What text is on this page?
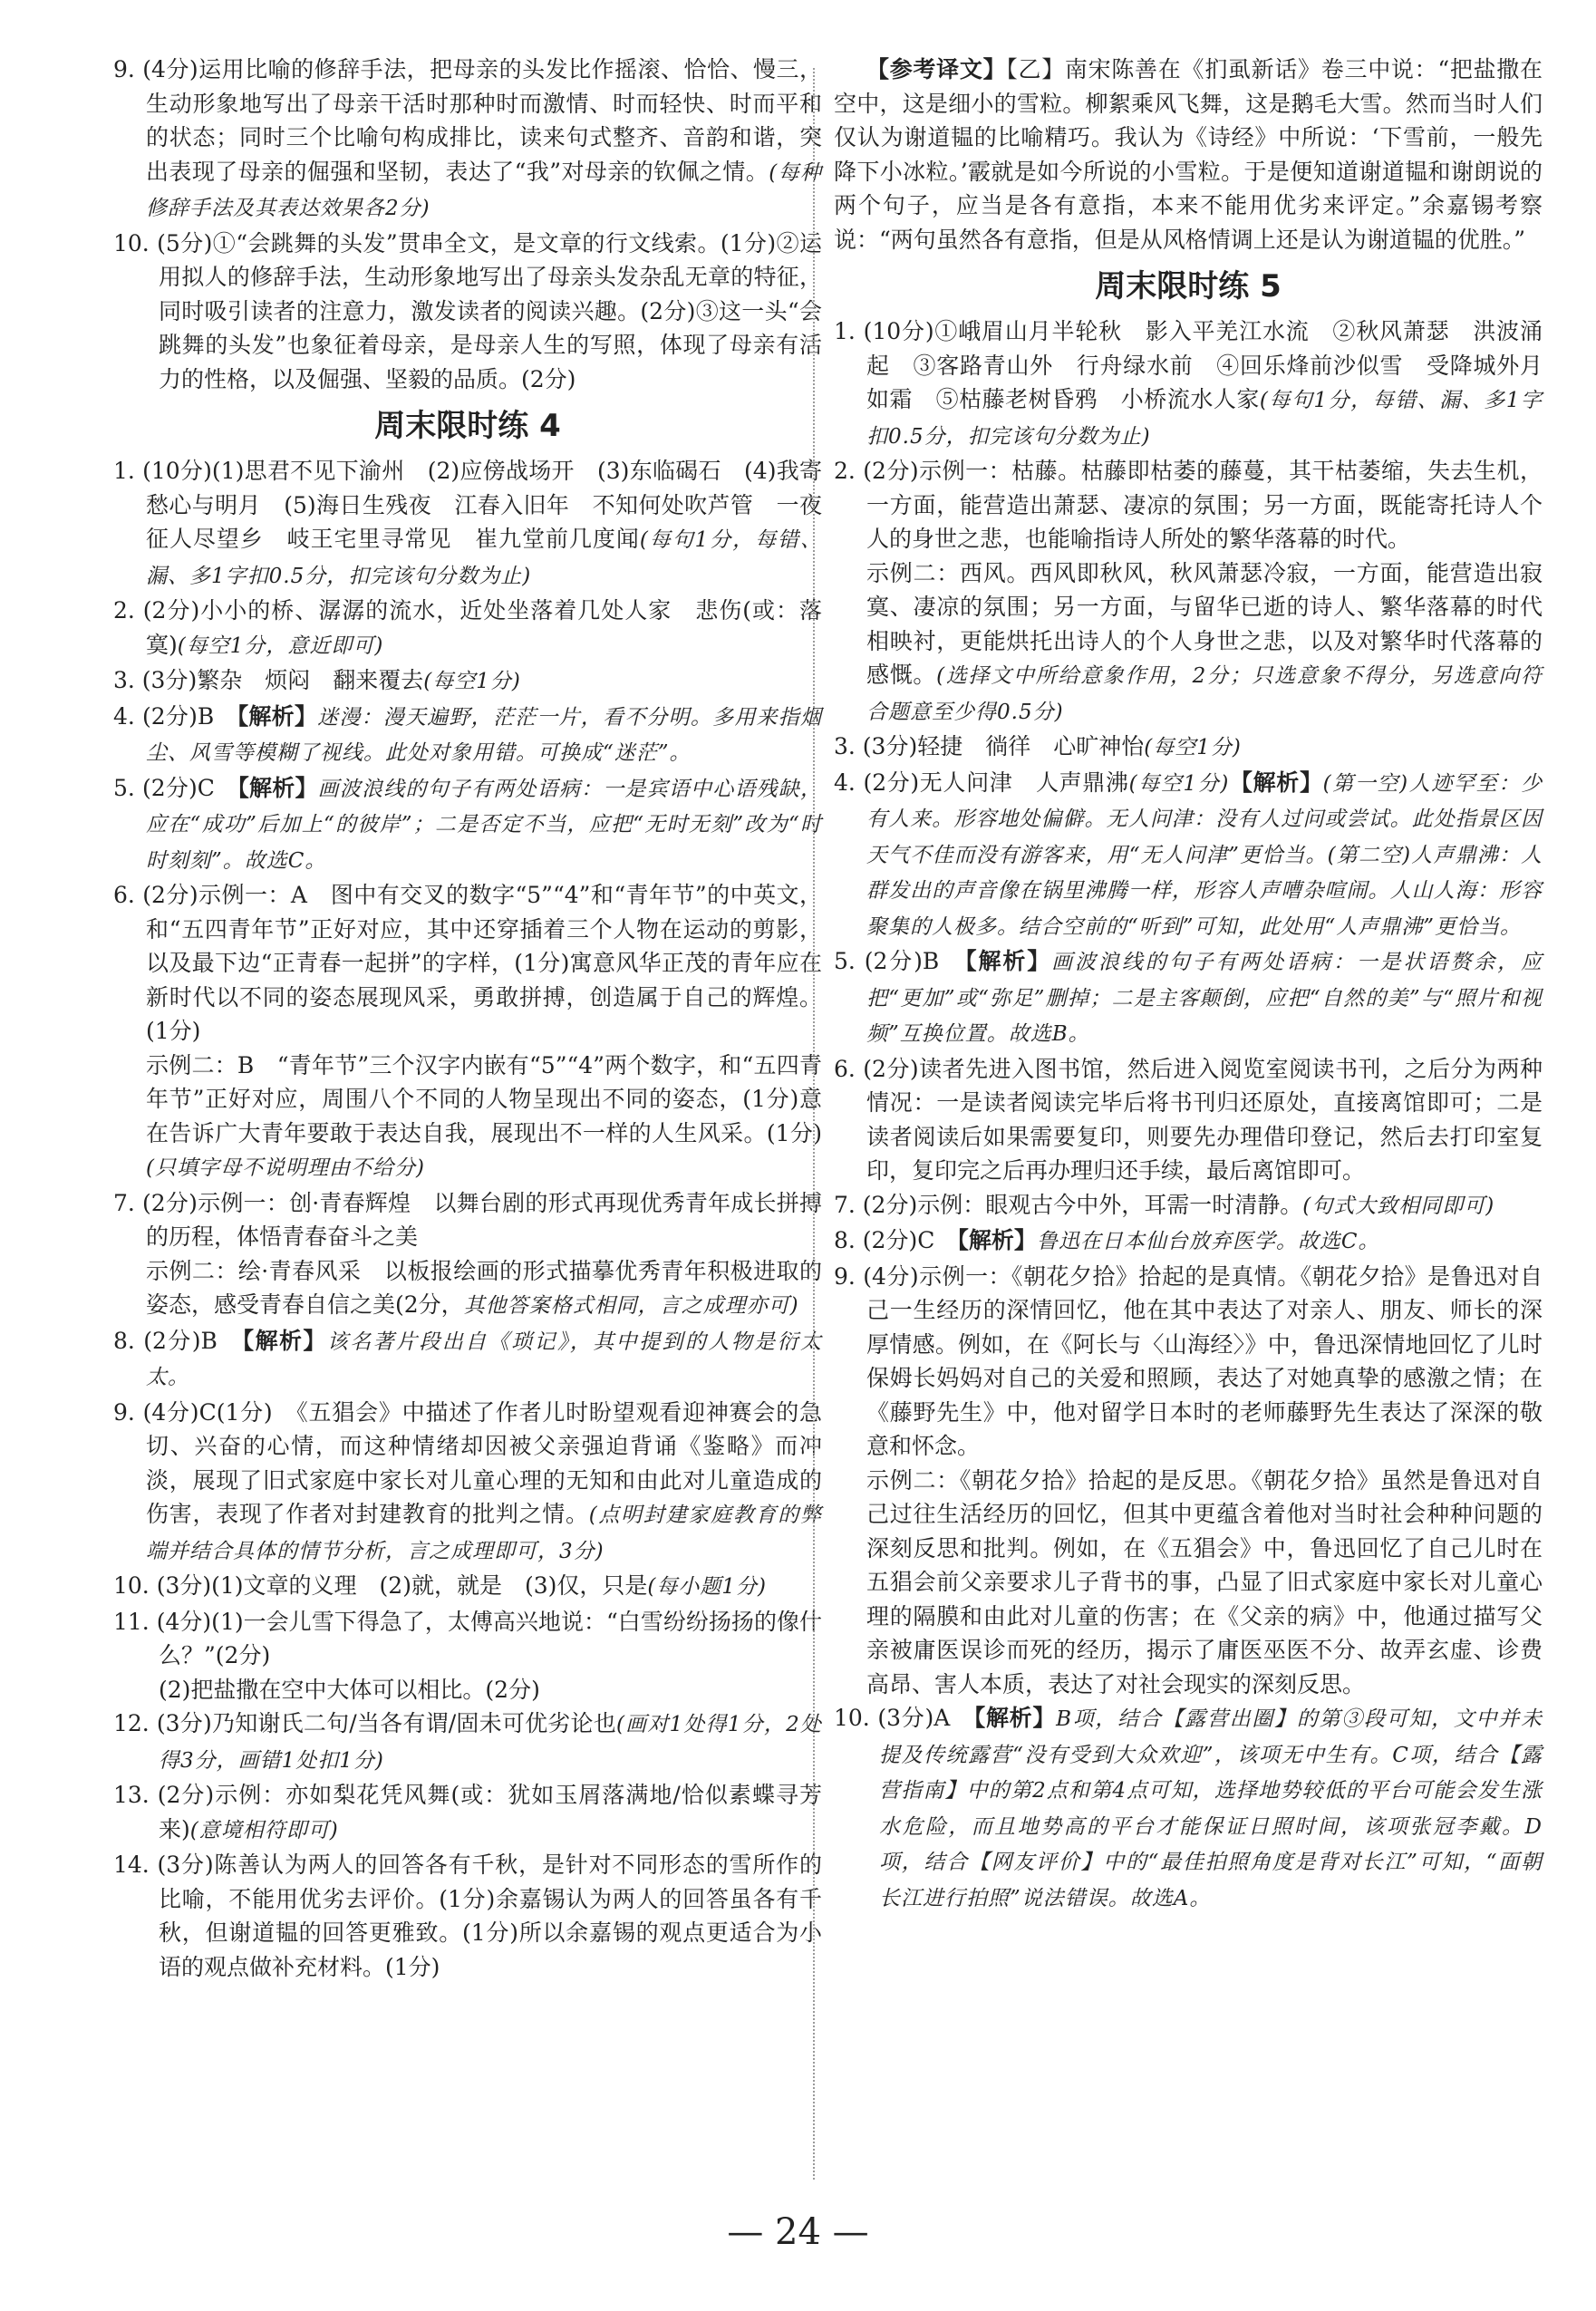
9. (4分)运用比喻的修辞手法，把母亲的头发比作摇滚、恰恰、慢三，生动形象地写出了母亲干活时那种时而激情、时而轻快、时而平和的状态；同时三个比喻句构成排比，读来句式整齐、音韵和谐，突出表现了母亲的倔强和坚韧，表达了“我”对母亲的钦佩之情。(每种修辞手法及其表达效果各2分)

10. (5分)①“会跳舞的头发”贯串全文，是文章的行文线索。(1分)②运用拟人的修辞手法，生动形象地写出了母亲头发杂乱无章的特征，同时吸引读者的注意力，激发读者的阅读兴趣。(2分)③这一头“会跳舞的头发”也象征着母亲，是母亲人生的写照，体现了母亲有活力的性格，以及倔强、坚毅的品质。(2分)

周末限时练 4

1. (10分)(1)思君不见下渝州　(2)应傍战场开　(3)东临碣石　(4)我寄愁心与明月　(5)海日生残夜　江春入旧年　不知何处吹芦管　一夜征人尽望乡　岐王宅里寻常见　崔九堂前几度闻(每句1分，每错、漏、多1字扣0.5分，扣完该句分数为止)

2. (2分)小小的桥、潺潺的流水，近处坐落着几处人家　悲伤(或：落寞)(每空1分，意近即可)

3. (3分)繁杂　烦闷　翻来覆去(每空1分)

4. (2分)B　【解析】迷漫：漫天遍野，茫茫一片，看不分明。多用来指烟尘、风雪等模糊了视线。此处对象用错。可换成“迷茫”。

5. (2分)C　【解析】画波浪线的句子有两处语病：一是宾语中心语残缺，应在“成功”后加上“的彼岸”；二是否定不当，应把“无时无刻”改为“时时刻刻”。故选C。

6. (2分)示例一：A　图中有交叉的数字“5”“4”和“青年节”的中英文，和“五四青年节”正好对应，其中还穿插着三个人物在运动的剪影，以及最下边“正青春一起拼”的字样，(1分)寓意风华正茂的青年应在新时代以不同的姿态展现风采，勇敢拼搏，创造属于自己的辉煌。(1分)

示例二：B　“青年节”三个汉字内嵌有“5”“4”两个数字，和“五四青年节”正好对应，周围八个不同的人物呈现出不同的姿态，(1分)意在告诉广大青年要敢于表达自我，展现出不一样的人生风采。(1分)(只填字母不说明理由不给分)

7. (2分)示例一：创·青春辉煌　以舞台剧的形式再现优秀青年成长拼搏的历程，体悟青春奋斗之美

示例二：绘·青春风采　以板报绘画的形式描摹优秀青年积极进取的姿态，感受青春自信之美(2分，其他答案格式相同，言之成理亦可)

8. (2分)B　【解析】该名著片段出自《琐记》，其中提到的人物是衍太太。

9. (4分)C(1分)　《五猖会》中描述了作者儿时盼望观看迎神赛会的急切、兴奋的心情，而这种情绪却因被父亲强迫背诵《鉴略》而冲淡，展现了旧式家庭中家长对儿童心理的无知和由此对儿童造成的伤害，表现了作者对封建教育的批判之情。(点明封建家庭教育的弊端并结合具体的情节分析，言之成理即可，3分)

10. (3分)(1)文章的义理　(2)就，就是　(3)仅，只是(每小题1分)

11. (4分)(1)一会儿雪下得急了，太傅高兴地说：“白雪纷纷扬扬的像什么？”(2分)

(2)把盐撒在空中大体可以相比。(2分)

12. (3分)乃知谢氏二句/当各有谓/固未可优劣论也(画对1处得1分，2处得3分，画错1处扣1分)

13. (2分)示例：亦如梨花凭风舞(或：犹如玉屑落满地/恰似素蝶寻芳来)(意境相符即可)

14. (3分)陈善认为两人的回答各有千秋，是针对不同形态的雪所作的比喻，不能用优劣去评价。(1分)余嘉锡认为两人的回答虽各有千秋，但谢道韫的回答更雅致。(1分)所以余嘉锡的观点更适合为小语的观点做补充材料。(1分)

【参考译文】【乙】南宋陈善在《扪虱新话》卷三中说：“把盐撒在空中，这是细小的雪粒。柳絮乘风飞舞，这是鹅毛大雪。然而当时人们仅认为谢道韫的比喻精巧。我认为《诗经》中所说：‘下雪前，一般先降下小冰粒。’霰就是如今所说的小雪粒。于是便知道谢道韫和谢朗说的两个句子，应当是各有意指，本来不能用优劣来评定。”余嘉锡考察说：“两句虽然各有意指，但是从风格情调上还是认为谢道韫的优胜。”

周末限时练 5

1. (10分)①峨眉山月半轮秋　影入平羌江水流　②秋风萧瑟　洪波涌起　③客路青山外　行舟绿水前　④回乐烽前沙似雪　受降城外月如霜　⑤枯藤老树昏鸦　小桥流水人家(每句1分，每错、漏、多1字扣0.5分，扣完该句分数为止)

2. (2分)示例一：枯藤。枯藤即枯萎的藤蔓，其干枯萎缩，失去生机，一方面，能营造出萧瑟、凄凉的氛围；另一方面，既能寄托诗人个人的身世之悲，也能喻指诗人所处的繁华落幕的时代。

示例二：西风。西风即秋风，秋风萧瑟冷寂，一方面，能营造出寂寞、凄凉的氛围；另一方面，与留华已逝的诗人、繁华落幕的时代相映衬，更能烘托出诗人的个人身世之悲，以及对繁华时代落幕的感慨。(选择文中所给意象作用，2分；只选意象不得分，另选意向符合题意至少得0.5分)

3. (3分)轻捷　徜徉　心旷神怡(每空1分)

4. (2分)无人问津　人声鼎沸(每空1分)【解析】(第一空)人迹罕至：少有人来。形容地处偏僻。无人问津：没有人过问或尝试。此处指景区因天气不佳而没有游客来，用“无人问津”更恰当。(第二空)人声鼎沸：人群发出的声音像在锅里沸腾一样，形容人声嘈杂喧闹。人山人海：形容聚集的人极多。结合空前的“听到”可知，此处用“人声鼎沸”更恰当。

5. (2分)B　【解析】画波浪线的句子有两处语病：一是状语赘余，应把“更加”或“弥足”删掉；二是主客颠倒，应把“自然的美”与“照片和视频”互换位置。故选B。

6. (2分)读者先进入图书馆，然后进入阅览室阅读书刊，之后分为两种情况：一是读者阅读完毕后将书刊归还原处，直接离馆即可；二是读者阅读后如果需要复印，则要先办理借印登记，然后去打印室复印，复印完之后再办理归还手续，最后离馆即可。

7. (2分)示例：眼观古今中外，耳需一时清静。(句式大致相同即可)

8. (2分)C　【解析】鲁迅在日本仙台放弃医学。故选C。

9. (4分)示例一：《朝花夕拾》拾起的是真情。《朝花夕拾》是鲁迅对自己一生经历的深情回忆，他在其中表达了对亲人、朋友、师长的深厚情感。例如，在《阿长与〈山海经〉》中，鲁迅深情地回忆了儿时保姆长妈妈对自己的关爱和照顾，表达了对她真挚的感激之情；在《藤野先生》中，他对留学日本时的老师藤野先生表达了深深的敬意和怀念。

示例二：《朝花夕拾》拾起的是反思。《朝花夕拾》虽然是鲁迅对自己过往生活经历的回忆，但其中更蕴含着他对当时社会种种问题的深刻反思和批判。例如，在《五猖会》中，鲁迅回忆了自己儿时在五猖会前父亲要求儿子背书的事，凸显了旧式家庭中家长对儿童心理的隔膜和由此对儿童的伤害；在《父亲的病》中，他通过描写父亲被庸医误诊而死的经历，揭示了庸医巫医不分、故弄玄虚、诊费高昂、害人本质，表达了对社会现实的深刻反思。

10. (3分)A　【解析】B项，结合【露营出圈】的第③段可知，文中并未提及传统露营“没有受到大众欢迎”，该项无中生有。C项，结合【露营指南】中的第2点和第4点可知，选择地势较低的平台可能会发生涨水危险，而且地势高的平台才能保证日照时间，该项张冠李戴。D项，结合【网友评价】中的“最佳拍照角度是背对长江”可知，“面朝长江进行拍照”说法错误。故选A。

— 24 —
